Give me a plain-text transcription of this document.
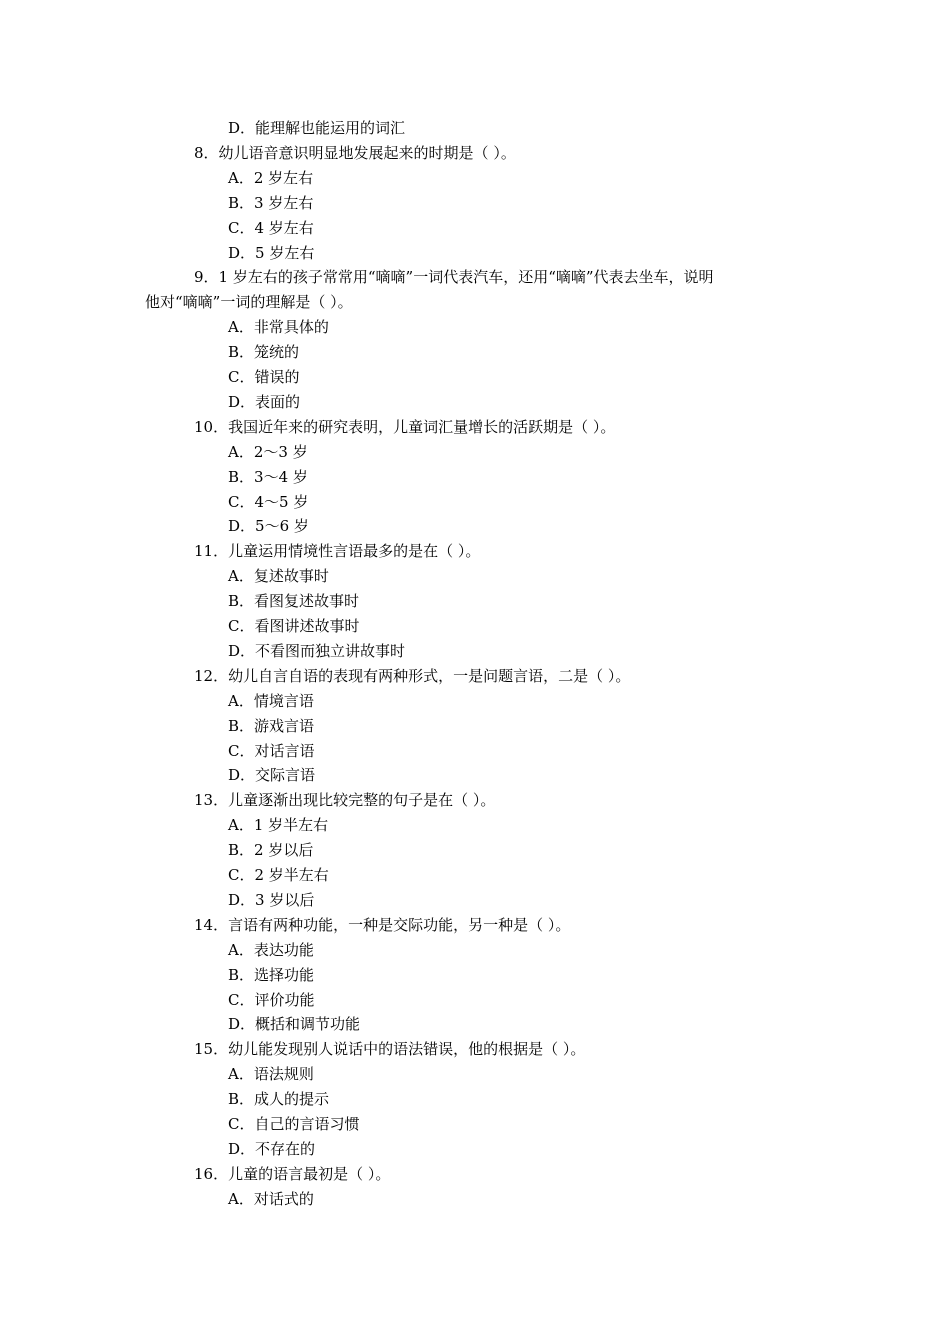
D．能理解也能运用的词汇
8．幼儿语音意识明显地发展起来的时期是（ ）。
A．2 岁左右
B．3 岁左右
C．4 岁左右
D．5 岁左右
9．1 岁左右的孩子常常用“嘀嘀”一词代表汽车，还用“嘀嘀”代表去坐车，说明
他对“嘀嘀”一词的理解是（ ）。
A．非常具体的
B．笼统的
C．错误的
D．表面的
10．我国近年来的研究表明，儿童词汇量增长的活跃期是（ ）。
A．2～3 岁
B．3～4 岁
C．4～5 岁
D．5～6 岁
11．儿童运用情境性言语最多的是在（ ）。
A．复述故事时
B．看图复述故事时
C．看图讲述故事时
D．不看图而独立讲故事时
12．幼儿自言自语的表现有两种形式，一是问题言语，二是（ ）。
A．情境言语
B．游戏言语
C．对话言语
D．交际言语
13．儿童逐渐出现比较完整的句子是在（ ）。
A．1 岁半左右
B．2 岁以后
C．2 岁半左右
D．3 岁以后
14．言语有两种功能，一种是交际功能，另一种是（ ）。
A．表达功能
B．选择功能
C．评价功能
D．概括和调节功能
15．幼儿能发现别人说话中的语法错误，他的根据是（ ）。
A．语法规则
B．成人的提示
C．自己的言语习惯
D．不存在的
16．儿童的语言最初是（ ）。
A．对话式的
